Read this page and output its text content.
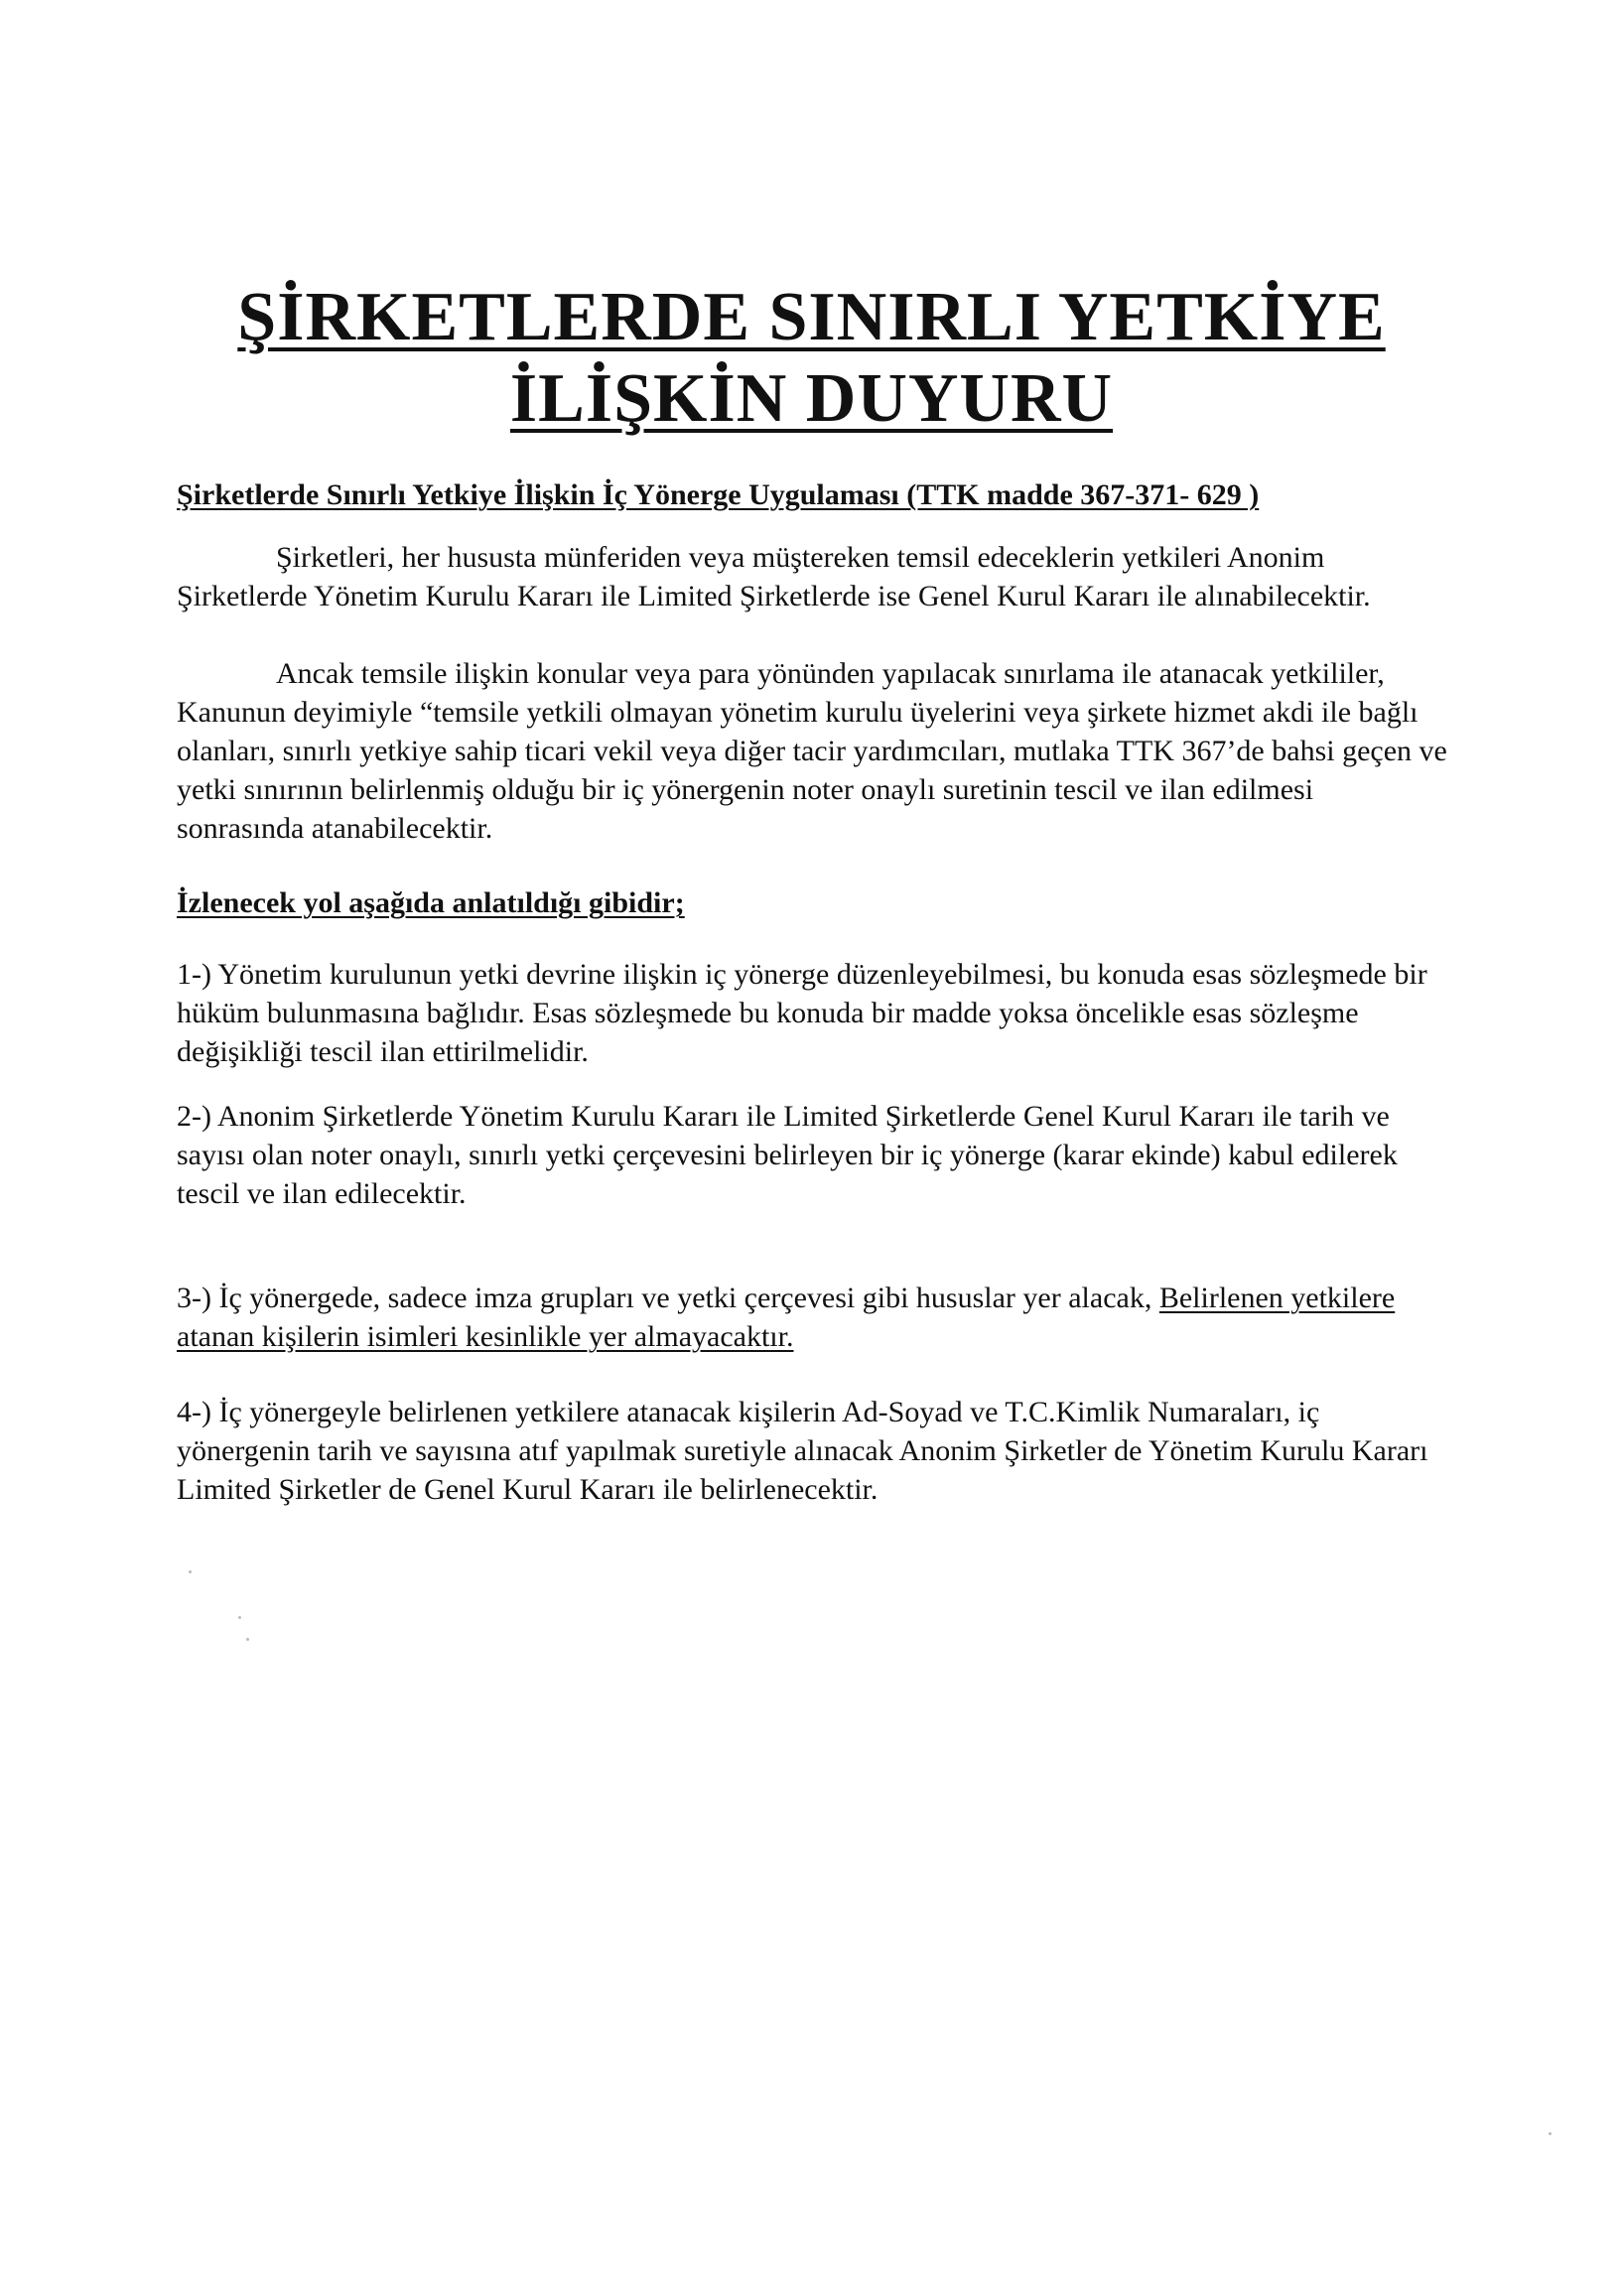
ŞİRKETLERDE SINIRLI YETKİYE
İLİŞKİN DUYURU
Şirketlerde Sınırlı Yetkiye İlişkin İç Yönerge Uygulaması (TTK madde 367-371- 629 )
Şirketleri, her hususta münferiden veya müştereken temsil edeceklerin yetkileri Anonim Şirketlerde Yönetim Kurulu Kararı ile Limited Şirketlerde ise Genel Kurul Kararı ile alınabilecektir.
Ancak temsile ilişkin konular veya para yönünden yapılacak sınırlama ile atanacak yetkililer, Kanunun deyimiyle “temsile yetkili olmayan yönetim kurulu üyelerini veya şirkete hizmet akdi ile bağlı olanları, sınırlı yetkiye sahip ticari vekil veya diğer tacir yardımcıları, mutlaka TTK 367’de bahsi geçen ve yetki sınırının belirlenmiş olduğu bir iç yönergenin noter onaylı suretinin tescil ve ilan edilmesi sonrasında atanabilecektir.
İzlenecek yol aşağıda anlatıldığı gibidir;
1-) Yönetim kurulunun yetki devrine ilişkin iç yönerge düzenleyebilmesi, bu konuda esas sözleşmede bir hüküm bulunmasına bağlıdır. Esas sözleşmede bu konuda bir madde yoksa öncelikle esas sözleşme değişikliği tescil ilan ettirilmelidir.
2-) Anonim Şirketlerde Yönetim Kurulu Kararı ile Limited Şirketlerde Genel Kurul Kararı ile tarih ve sayısı olan noter onaylı, sınırlı yetki çerçevesini belirleyen bir iç yönerge (karar ekinde) kabul edilerek tescil ve ilan edilecektir.
3-) İç yönergede, sadece imza grupları ve yetki çerçevesi gibi hususlar yer alacak, Belirlenen yetkilere atanan kişilerin isimleri kesinlikle yer almayacaktır.
4-) İç yönergeyle belirlenen yetkilere atanacak kişilerin Ad-Soyad ve T.C.Kimlik Numaraları, iç yönergenin tarih ve sayısına atıf yapılmak suretiyle alınacak Anonim Şirketler de Yönetim Kurulu Kararı Limited Şirketler de Genel Kurul Kararı ile belirlenecektir.
